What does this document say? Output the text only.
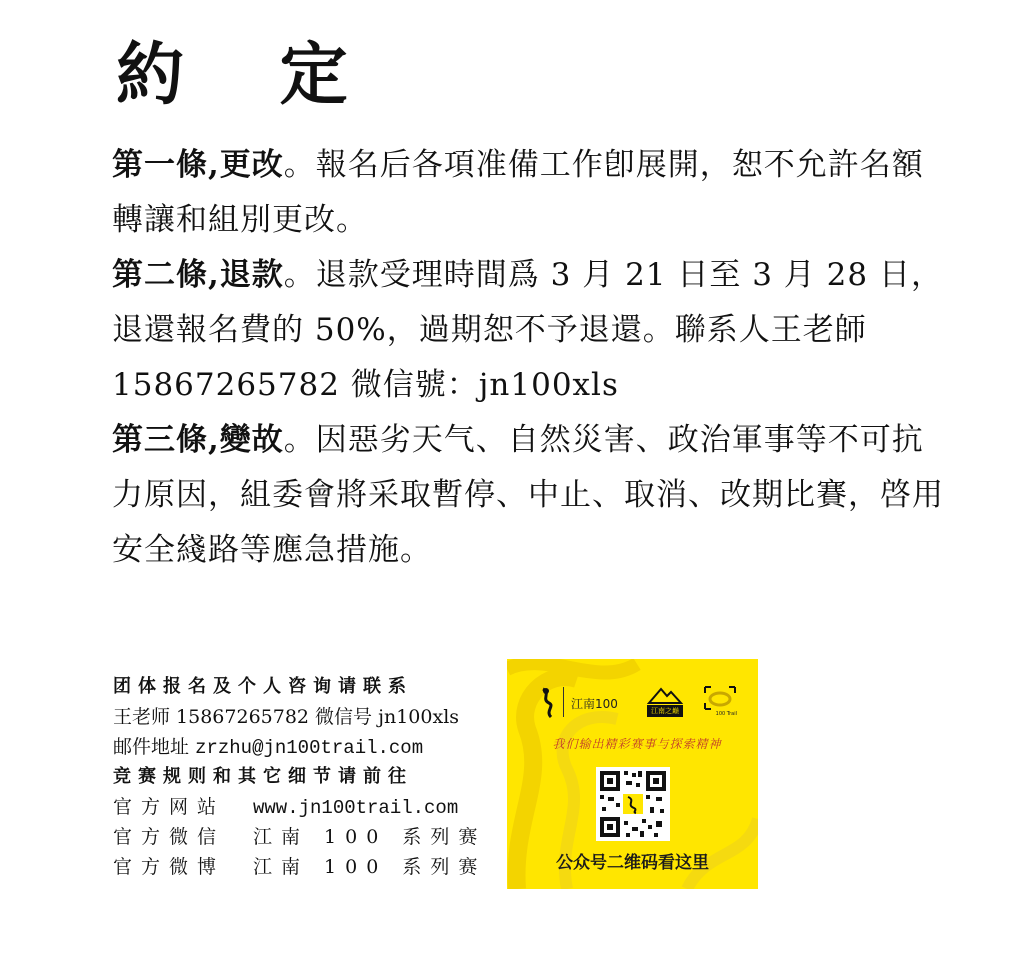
約 定

第一條,更改。報名后各項准備工作卽展開，恕不允許名額轉讓和組別更改。

第二條,退款。退款受理時間爲 3 月 21 日至 3 月 28 日，退還報名費的 50%，過期恕不予退還。聯系人王老師 15867265782 微信號：jn100xls

第三條,變故。因惡劣天气、自然災害、政治軍事等不可抗力原因，組委會將采取暫停、中止、取消、改期比賽，啓用安全綫路等應急措施。

团体报名及个人咨询请联系
王老师 15867265782 微信号 jn100xls
邮件地址 zrzhu@jn100trail.com
竞赛规则和其它细节请前往
官方网站 www.jn100trail.com
官方微信 江南 100 系列赛
官方微博 江南 100 系列赛
江南100	江南之巅	100 Trail
我们输出精彩赛事与探索精神
公众号二维码看这里
